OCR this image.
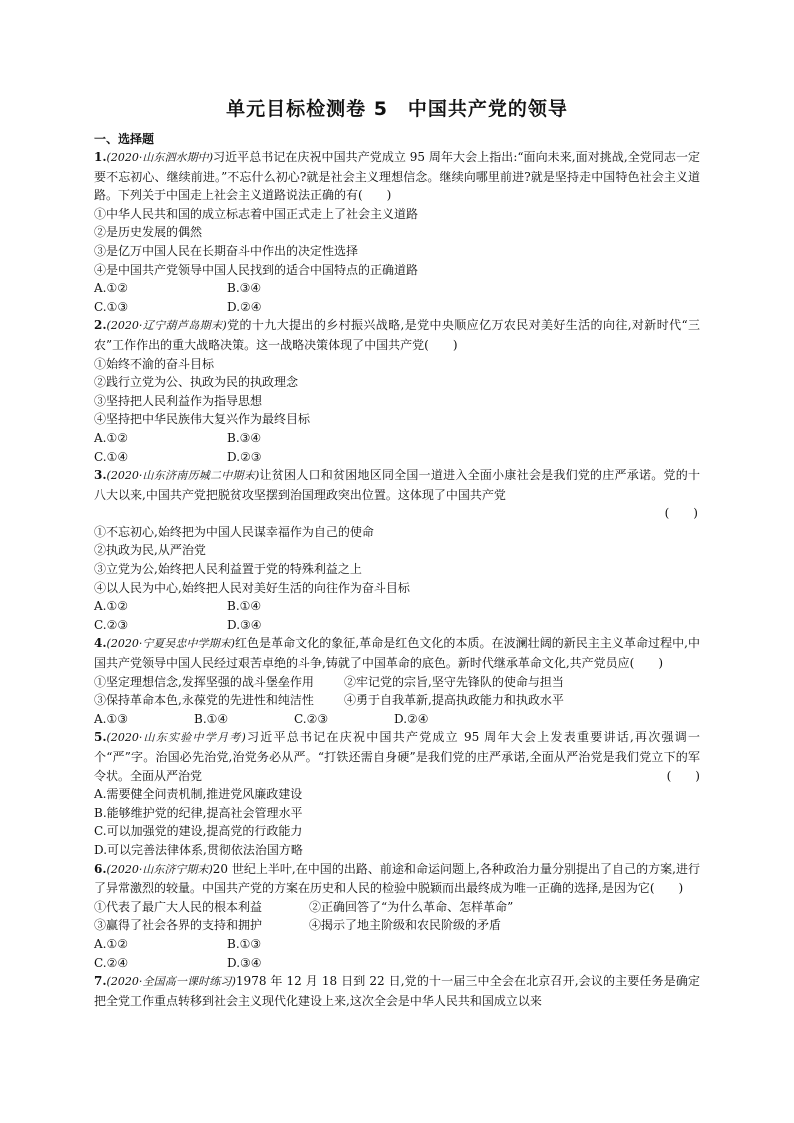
单元目标检测卷 5　中国共产党的领导
一、选择题

1.(2020·山东泗水期中)习近平总书记在庆祝中国共产党成立 95 周年大会上指出:“面向未来,面对挑战,全党同志一定要不忘初心、继续前进。”不忘什么初心?就是社会主义理想信念。继续向哪里前进?就是坚持走中国特色社会主义道路。下列关于中国走上社会主义道路说法正确的有(　　)

①中华人民共和国的成立标志着中国正式走上了社会主义道路

②是历史发展的偶然

③是亿万中国人民在长期奋斗中作出的决定性选择

④是中国共产党领导中国人民找到的适合中国特点的正确道路

A.①②	B.③④
C.①③	D.②④

2.(2020·辽宁葫芦岛期末)党的十九大提出的乡村振兴战略,是党中央顺应亿万农民对美好生活的向往,对新时代“三农”工作作出的重大战略决策。这一战略决策体现了中国共产党(　　)

①始终不渝的奋斗目标

②践行立党为公、执政为民的执政理念

③坚持把人民利益作为指导思想

④坚持把中华民族伟大复兴作为最终目标

A.①②	B.③④
C.①④	D.②③

3.(2020·山东济南历城二中期末)让贫困人口和贫困地区同全国一道进入全面小康社会是我们党的庄严承诺。党的十八大以来,中国共产党把脱贫攻坚摆到治国理政突出位置。这体现了中国共产党

(　　)

①不忘初心,始终把为中国人民谋幸福作为自己的使命

②执政为民,从严治党

③立党为公,始终把人民利益置于党的特殊利益之上

④以人民为中心,始终把人民对美好生活的向往作为奋斗目标

A.①②	B.①④
C.②③	D.③④

4.(2020·宁夏吴忠中学期末)红色是革命文化的象征,革命是红色文化的本质。在波澜壮阔的新民主主义革命过程中,中国共产党领导中国人民经过艰苦卓绝的斗争,铸就了中国革命的底色。新时代继承革命文化,共产党员应(　　)

①坚定理想信念,发挥坚强的战斗堡垒作用	②牢记党的宗旨,坚守先锋队的使命与担当
③保持革命本色,永葆党的先进性和纯洁性	④勇于自我革新,提高执政能力和执政水平
A.①③	B.①④	C.②③	D.②④

5.(2020·山东实验中学月考)习近平总书记在庆祝中国共产党成立 95 周年大会上发表重要讲话,再次强调一个“严”字。治国必先治党,治党务必从严。“打铁还需自身硬”是我们党的庄严承诺,全面从严治党是我们党立下的军令状。全面从严治党	(　　)

A.需要健全问责机制,推进党风廉政建设

B.能够维护党的纪律,提高社会管理水平

C.可以加强党的建设,提高党的行政能力

D.可以完善法律体系,贯彻依法治国方略

6.(2020·山东济宁期末)20 世纪上半叶,在中国的出路、前途和命运问题上,各种政治力量分别提出了自己的方案,进行了异常激烈的较量。中国共产党的方案在历史和人民的检验中脱颖而出最终成为唯一正确的选择,是因为它(　　)

①代表了最广大人民的根本利益	②正确回答了“为什么革命、怎样革命”
③赢得了社会各界的支持和拥护	④揭示了地主阶级和农民阶级的矛盾
A.①②	B.①③
C.②④	D.③④

7.(2020·全国高一课时练习)1978 年 12 月 18 日到 22 日,党的十一届三中全会在北京召开,会议的主要任务是确定把全党工作重点转移到社会主义现代化建设上来,这次全会是中华人民共和国成立以来
